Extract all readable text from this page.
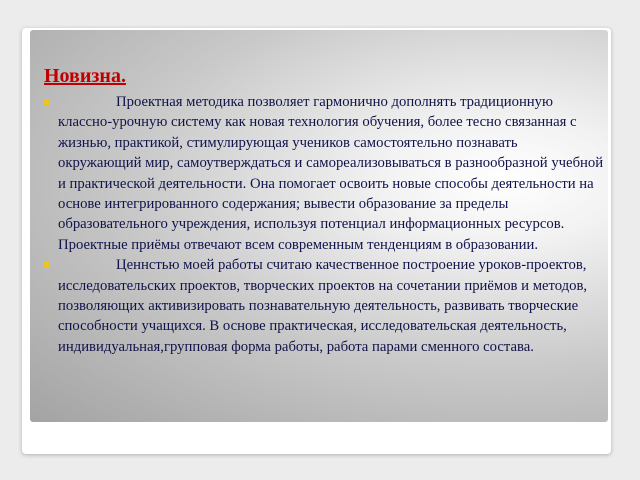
Новизна.
Проектная методика позволяет гармонично дополнять традиционную классно-урочную систему как новая технология обучения, более тесно связанная с жизнью, практикой, стимулирующая учеников самостоятельно познавать окружающий мир, самоутверждаться и самореализовываться в разнообразной учебной и практической деятельности. Она помогает освоить новые способы деятельности на основе интегрированного содержания; вывести образование за пределы образовательного учреждения, используя потенциал информационных ресурсов. Проектные приёмы отвечают всем современным тенденциям в образовании.
Ценнстью моей работы считаю качественное построение уроков-проектов, исследовательских проектов, творческих проектов на сочетании приёмов и методов, позволяющих активизировать познавательную деятельность, развивать творческие способности учащихся. В основе практическая, исследовательская деятельность, индивидуальная,групповая форма работы, работа парами сменного состава.
